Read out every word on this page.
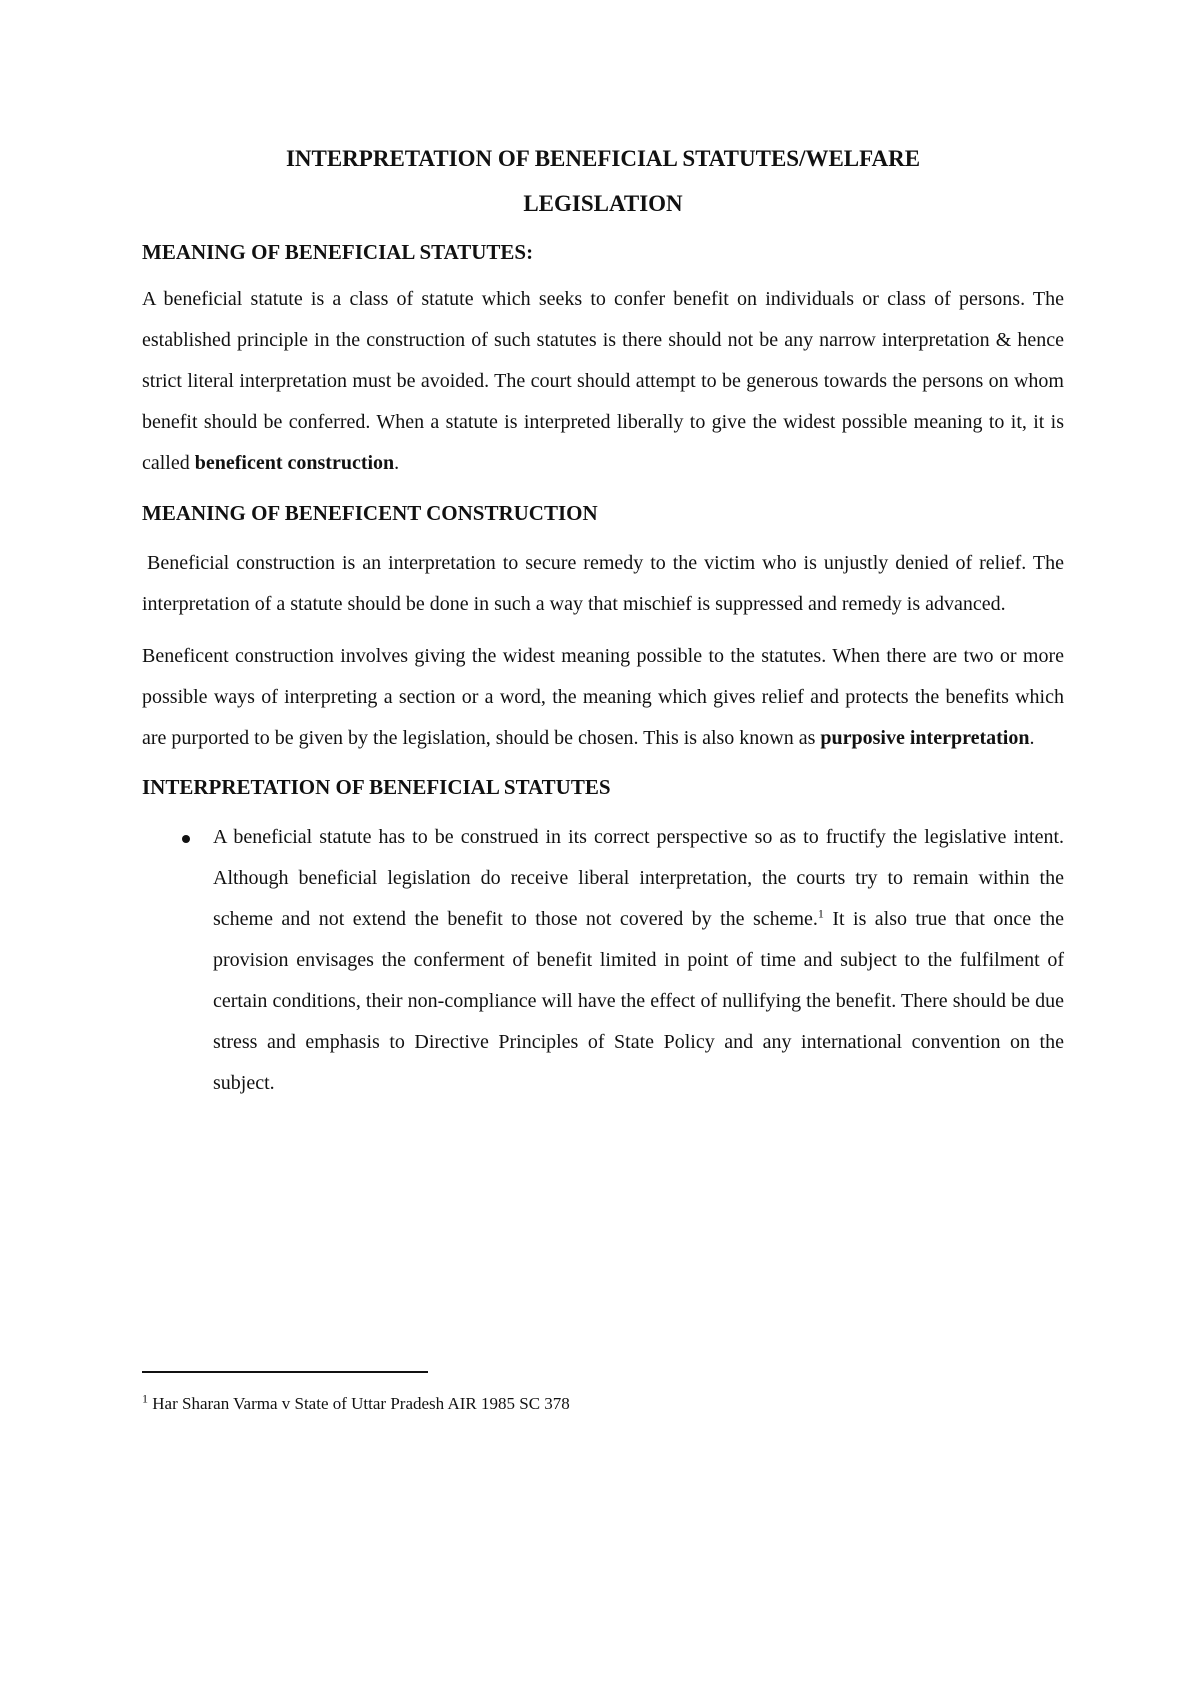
INTERPRETATION OF BENEFICIAL STATUTES/WELFARE
LEGISLATION

MEANING OF BENEFICIAL STATUTES:

A beneficial statute is a class of statute which seeks to confer benefit on individuals or class of persons. The established principle in the construction of such statutes is there should not be any narrow interpretation & hence strict literal interpretation must be avoided. The court should attempt to be generous towards the persons on whom benefit should be conferred. When a statute is interpreted liberally to give the widest possible meaning to it, it is called beneficent construction.

MEANING OF BENEFICENT CONSTRUCTION

Beneficial construction is an interpretation to secure remedy to the victim who is unjustly denied of relief. The interpretation of a statute should be done in such a way that mischief is suppressed and remedy is advanced.

Beneficent construction involves giving the widest meaning possible to the statutes. When there are two or more possible ways of interpreting a section or a word, the meaning which gives relief and protects the benefits which are purported to be given by the legislation, should be chosen. This is also known as purposive interpretation.

INTERPRETATION OF BENEFICIAL STATUTES

A beneficial statute has to be construed in its correct perspective so as to fructify the legislative intent. Although beneficial legislation do receive liberal interpretation, the courts try to remain within the scheme and not extend the benefit to those not covered by the scheme.$^1$ It is also true that once the provision envisages the conferment of benefit limited in point of time and subject to the fulfilment of certain conditions, their non-compliance will have the effect of nullifying the benefit. There should be due stress and emphasis to Directive Principles of State Policy and any international convention on the subject.

$^1$ Har Sharan Varma v State of Uttar Pradesh AIR 1985 SC 378
